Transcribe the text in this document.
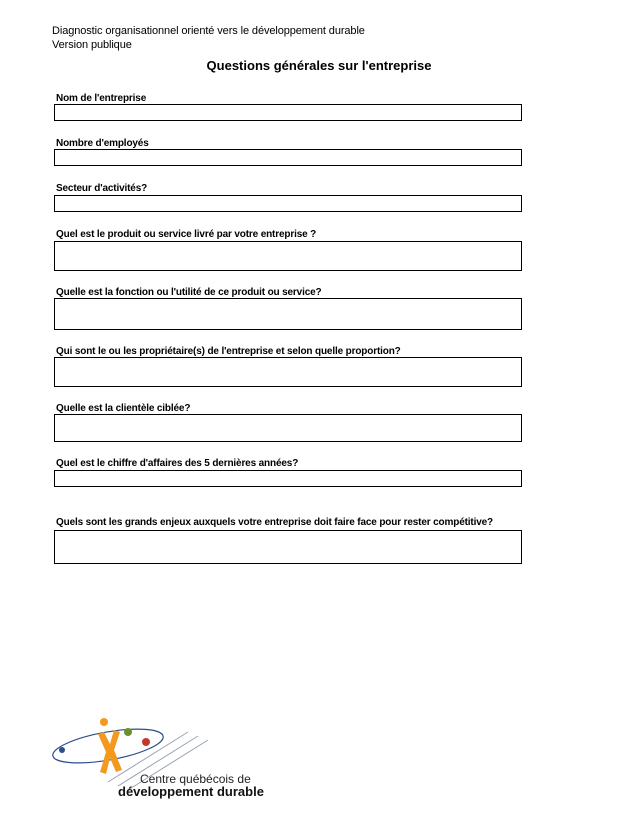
Diagnostic organisationnel orienté vers le développement durable
Version publique
Questions générales sur l'entreprise
Nom de l'entreprise
Nombre d'employés
Secteur d'activités?
Quel est le produit ou service livré par votre entreprise ?
Quelle est la fonction ou l'utilité de ce produit ou service?
Qui sont le ou les propriétaire(s) de l'entreprise et selon quelle proportion?
Quelle est la clientèle ciblée?
Quel est le chiffre d'affaires des 5 dernières années?
Quels sont les grands enjeux auxquels votre entreprise doit faire face pour rester compétitive?
Centre québécois de
développement durable
